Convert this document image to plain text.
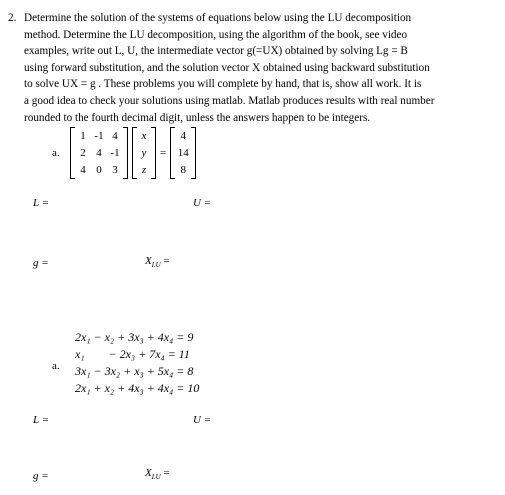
2. Determine the solution of the systems of equations below using the LU decomposition

method. Determine the LU decomposition, using the algorithm of the book, see video

examples, write out L, U, the intermediate vector g(=UX) obtained by solving Lg = B

using forward substitution, and the solution vector X obtained using backward substitution

to solve UX = g . These problems you will complete by hand, that is, show all work. It is

a good idea to check your solutions using matlab. Matlab produces results with real number

rounded to the fourth decimal digit, unless the answers happen to be integers.

a.
1 -1 4
2 4 -1
4 0 3
x
y
z
=
4
14
8
L =	U =
g =	$X_{LU}$ =
a.
2x₁ − x₂ + 3x₃ + 4x₄ = 9
x₁        − 2x₃ + 7x₄ = 11
3x₁ − 3x₂ + x₃ + 5x₄ = 8
2x₁ + x₂ + 4x₃ + 4x₄ = 10
L =	U =
g =	$X_{LU}$ =
